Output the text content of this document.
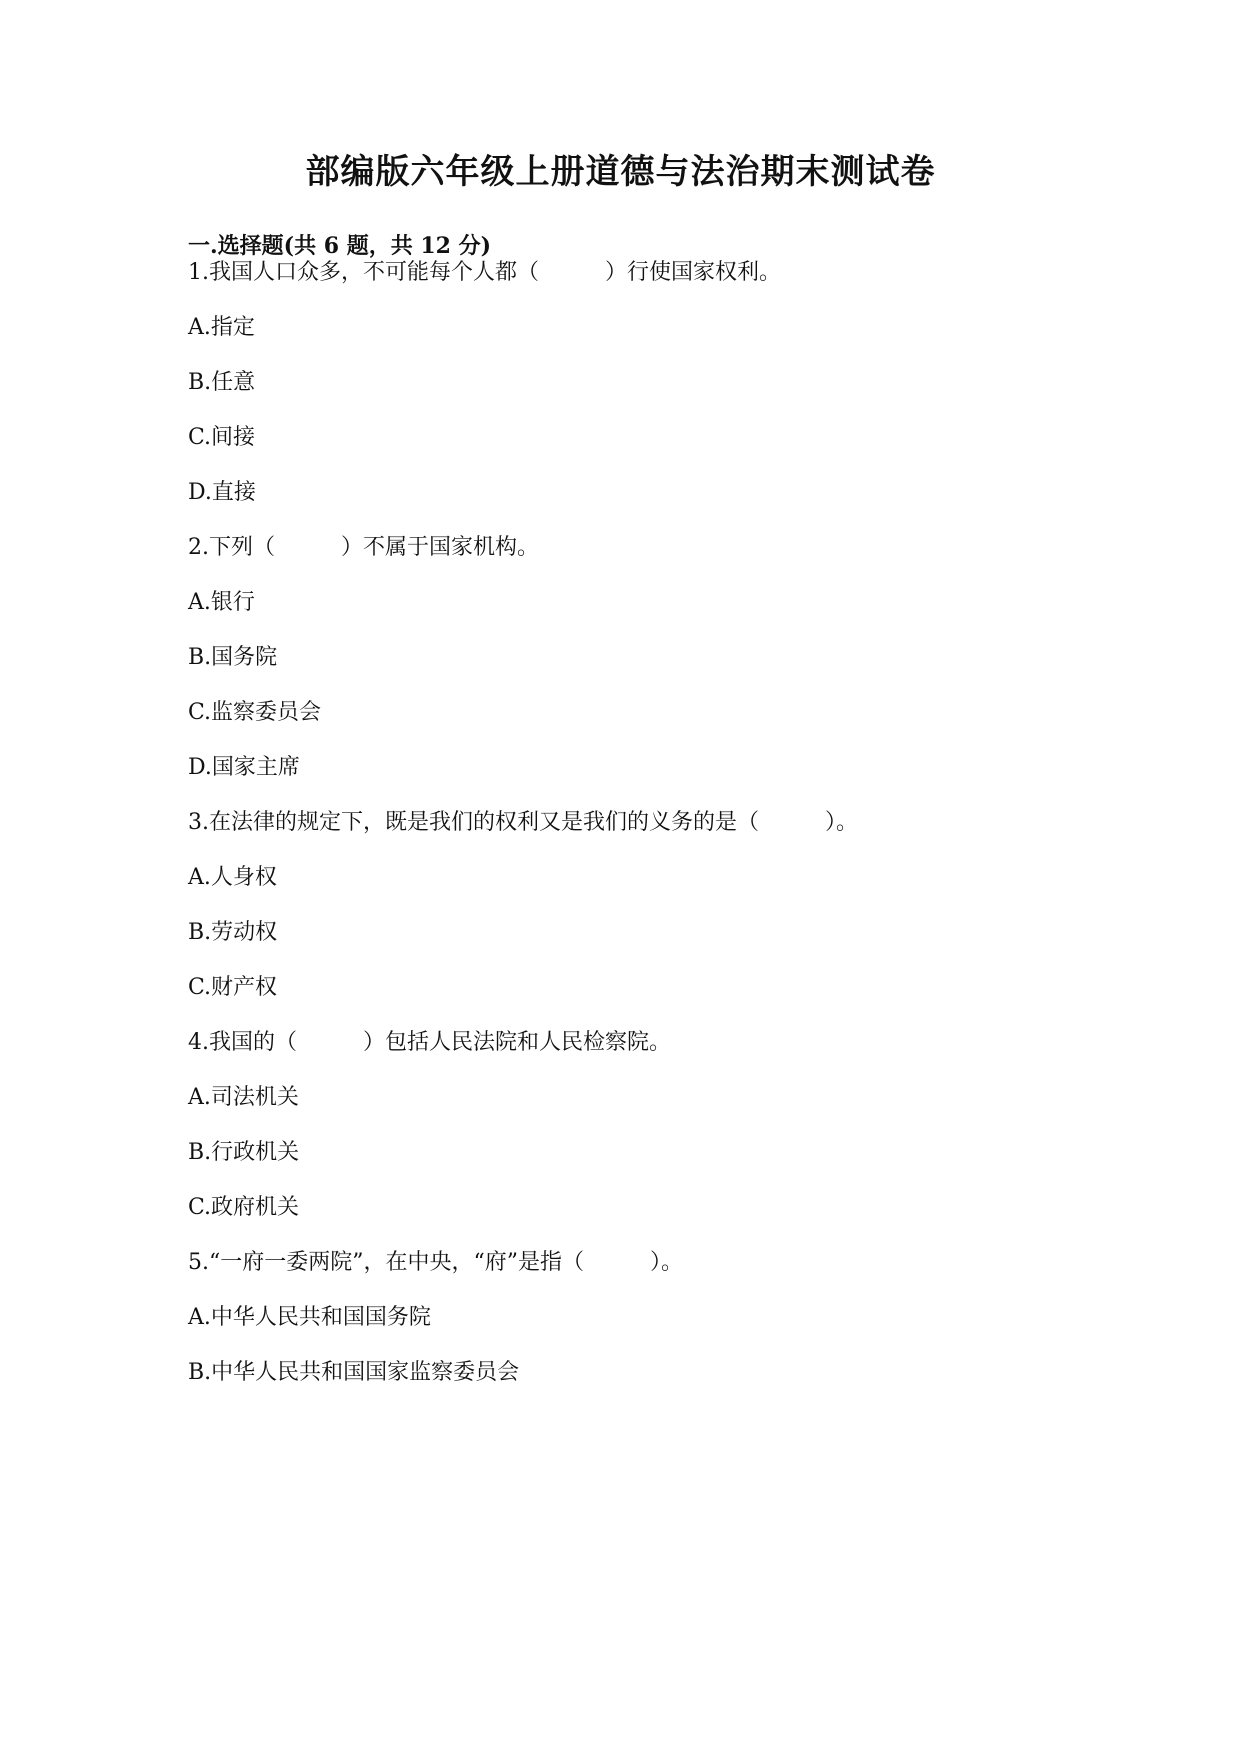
部编版六年级上册道德与法治期末测试卷
一.选择题(共 6 题，共 12 分)
1.我国人口众多，不可能每个人都（　　　）行使国家权利。
A.指定
B.任意
C.间接
D.直接
2.下列（　　　）不属于国家机构。
A.银行
B.国务院
C.监察委员会
D.国家主席
3.在法律的规定下，既是我们的权利又是我们的义务的是（　　　）。
A.人身权
B.劳动权
C.财产权
4.我国的（　　　）包括人民法院和人民检察院。
A.司法机关
B.行政机关
C.政府机关
5.“一府一委两院”，在中央，“府”是指（　　　）。
A.中华人民共和国国务院
B.中华人民共和国国家监察委员会
